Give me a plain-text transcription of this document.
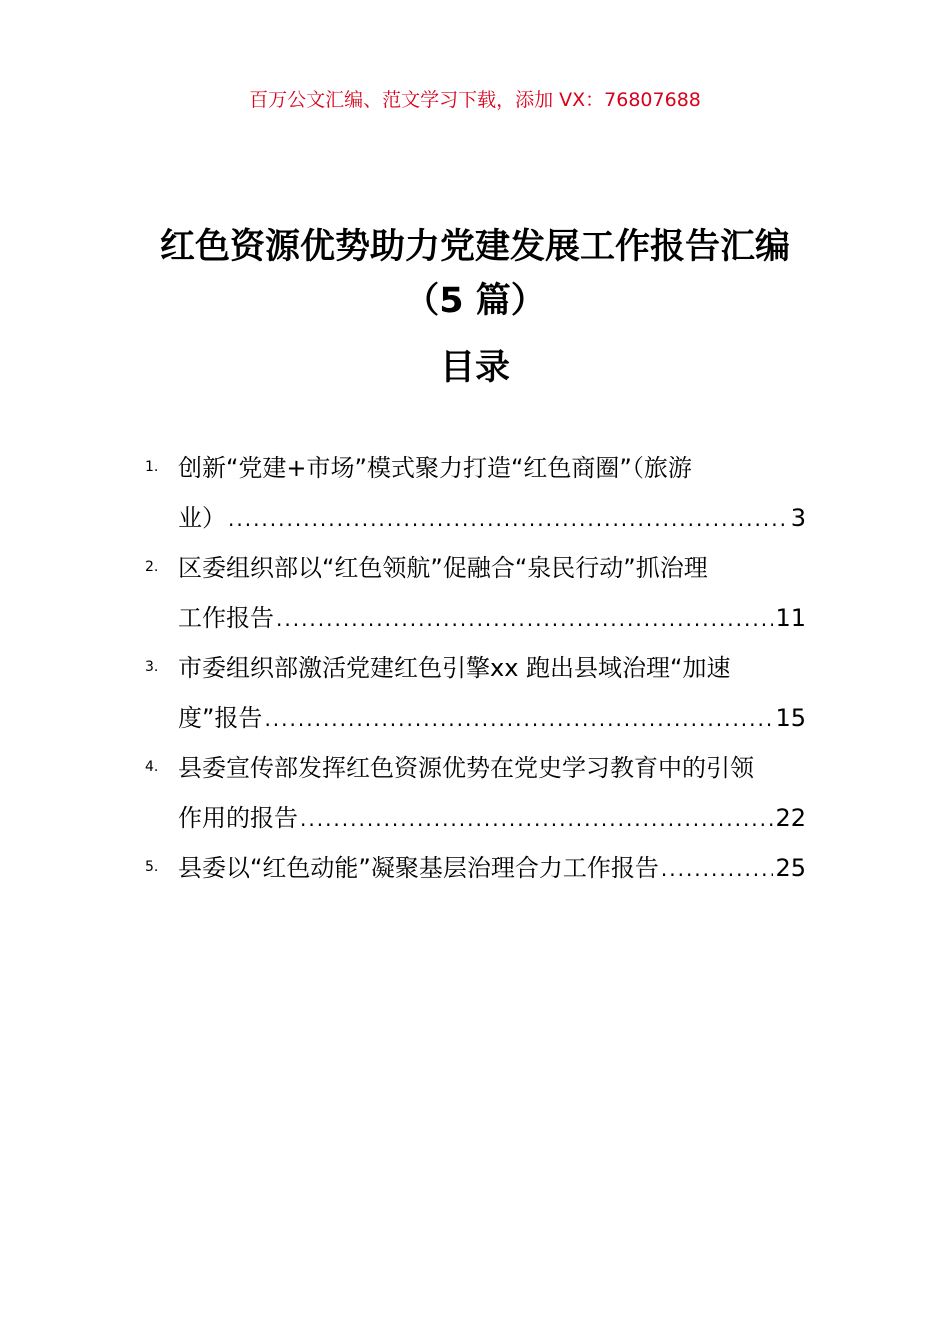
百万公文汇编、范文学习下载，添加 VX：76807688
红色资源优势助力党建发展工作报告汇编
（5 篇）
目录
1. 创新“党建+市场”模式聚力打造“红色商圈”（旅游
业） .....	3
2. 区委组织部以“红色领航”促融合“泉民行动”抓治理
工作报告 .....	11
3. 市委组织部激活党建红色引擎xx 跑出县域治理“加速
度”报告 .....	15
4. 县委宣传部发挥红色资源优势在党史学习教育中的引领
作用的报告 .....	22
5. 县委以“红色动能”凝聚基层治理合力工作报告 .....	25
